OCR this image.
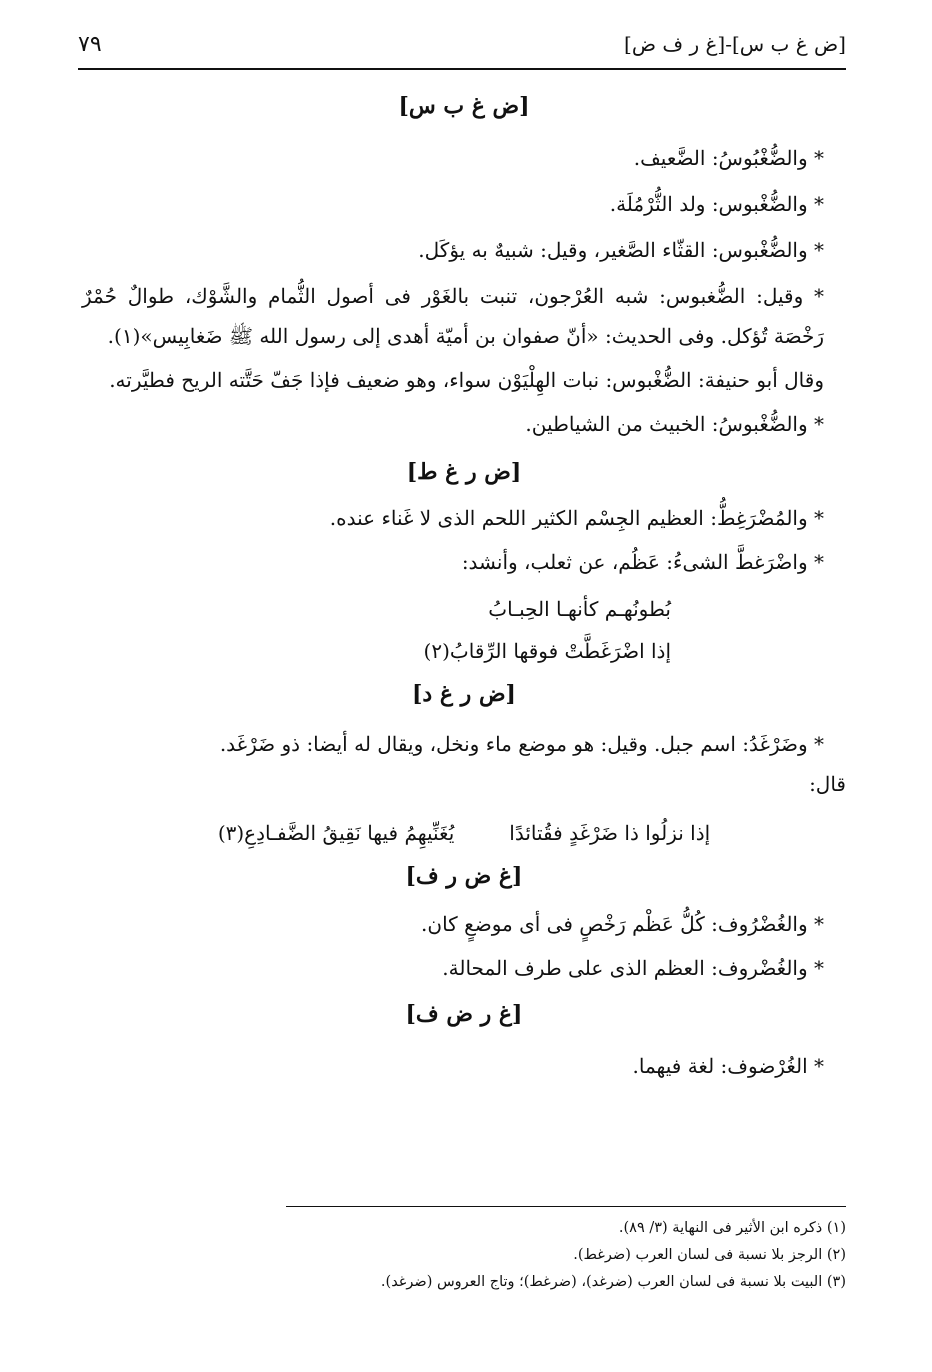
[ض غ ب س]-[غ ر ف ض]
٧٩
[ض غ ب س]
* والضُّغْبُوسُ: الضَّعيف.
* والضُّغْبوس: ولد الثُّرْمُلَة.
* والضُّغْبوس: القثّاء الصَّغير، وقيل: شبيهٌ به يؤكَل.
* وقيل: الضُّغبوس: شبه العُرْجون، تنبت بالغَوْر فى أصول الثُّمام والشَّوْك، طوالٌ حُمْرٌ رَخْصَة تُؤكل. وفى الحديث: «أنّ صفوان بن أميّة أهدى إلى رسول الله ﷺ ضَغابِيس»(١).
وقال أبو حنيفة: الضُّغْبوس: نبات الهِلْيَوْن سواء، وهو ضعيف فإذا جَفّ حَتَّته الريح فطيَّرته.
* والضُّغْبوسُ: الخبيث من الشياطين.
[ض ر غ ط]
* والمُضْرَغِطُّ: العظيم الجِسْم الكثير اللحم الذى لا غَناء عنده.
* واضْرَغطَّ الشىءُ: عَظُم، عن ثعلب، وأنشد:
بُطونُهـم كأنهـا الحِبـابُ
إذا اضْرَغَطَّتْ فوقها الرِّقابُ(٢)
[ض ر غ د]
* وضَرْغَدُ: اسم جبل. وقيل: هو موضع ماء ونخل، ويقال له أيضا: ذو ضَرْغَد.
قال:
إذا نزلُوا ذا ضَرْغَدٍ فقُتائدًا
يُغَنِّيهِمُ فيها نَقِيقُ الضَّفـادِعِ(٣)
[غ ض ر ف]
* والغُضْرُوف: كُلُّ عَظْم رَخْصٍ فى أى موضعٍ كان.
* والغُضْروف: العظم الذى على طرف المحالة.
[غ ر ض ف]
* الغُرْضوف: لغة فيهما.
(١) ذكره ابن الأثير فى النهاية (٣/ ٨٩).
(٢) الرجز بلا نسبة فى لسان العرب (ضرغط).
(٣) البيت بلا نسبة فى لسان العرب (ضرغد)، (ضرغط)؛ وتاج العروس (ضرغد).
